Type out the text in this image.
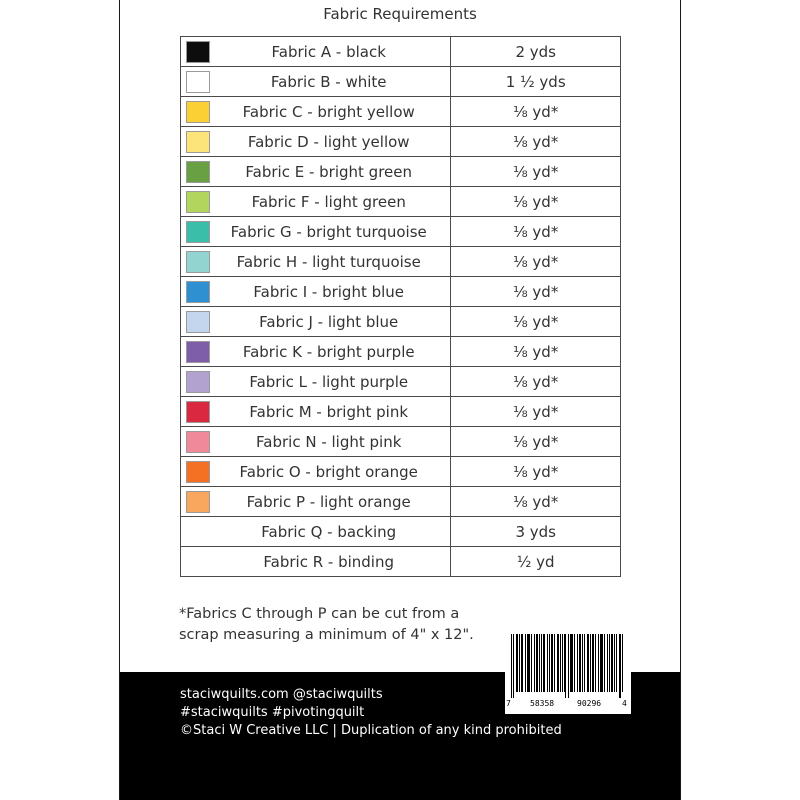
Fabric Requirements
Fabric A - black	2 yds

Fabric B - white	1 ½ yds

Fabric C - bright yellow	⅛ yd*

Fabric D - light yellow	⅛ yd*

Fabric E - bright green	⅛ yd*

Fabric F - light green	⅛ yd*

Fabric G - bright turquoise	⅛ yd*

Fabric H - light turquoise	⅛ yd*

Fabric I - bright blue	⅛ yd*

Fabric J - light blue	⅛ yd*

Fabric K - bright purple	⅛ yd*

Fabric L - light purple	⅛ yd*

Fabric M - bright pink	⅛ yd*

Fabric N - light pink	⅛ yd*

Fabric O - bright orange	⅛ yd*

Fabric P - light orange	⅛ yd*
Fabric Q - backing	3 yds
Fabric R - binding	½ yd
*Fabrics C through P can be cut from a
scrap measuring a minimum of 4" x 12".
staciwquilts.com @staciwquilts
#staciwquilts #pivotingquilt
©Staci W Creative LLC | Duplication of any kind prohibited
7 58358	90296	4
